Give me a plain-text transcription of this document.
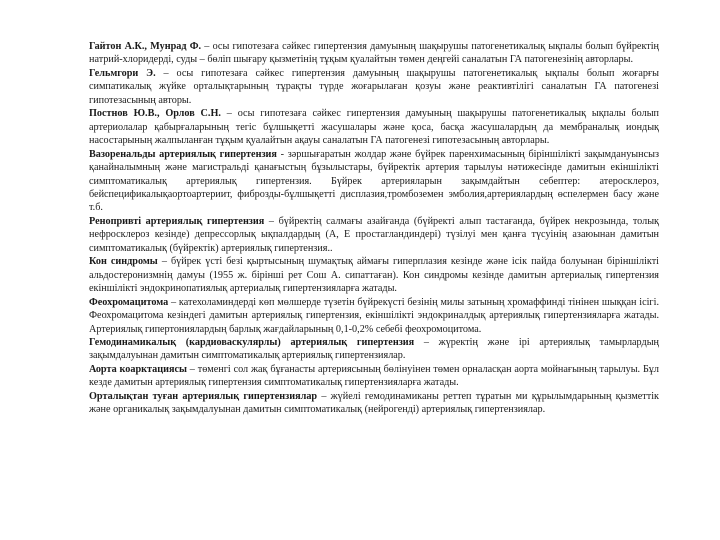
Гайтон А.К., Мунрад Ф. – осы гипотезаға сәйкес гипертензия дамуының шақырушы патогенетикалық ықпалы болып бүйректің натрий-хлоридерді, суды – бөліп шығару қызметінің тұқым қуалайтын төмен деңгейі саналатын ГА патогенезінің авторлары.

Гельмгори Э. – осы гипотезаға сәйкес гипертензия дамуының шақырушы патогенетикалық ықпалы болып жоғарғы симпатикалық жүйке орталықтарының тұрақты түрде жоғарылаған қозуы және реактивтілігі саналатын ГА патогенезі гипотезасының авторы.

Постнов Ю.В., Орлов С.Н. – осы гипотезаға сәйкес гипертензия дамуының шақырушы патогенетикалық ықпалы болып артериолалар қабырғаларының тегіс бұлшықетті жасушалары және қоса, басқа жасушалардың да мембраналық иондық насостарының жалпыланған тұқым қуалайтын ақауы саналатын ГА патогенезі гипотезасының авторлары.

Вазоренальды артериялық гипертензия - зәршығаратын жолдар және бүйрек паренхимасының біріншілікті зақымдануынсыз қанайналымның және магистральді қанағыстың бұзылыстары, бүйректік артерия тарылуы нәтижесінде дамитын екіншілікті симптоматикалық артериялық гипертензия. Бүйрек артерияларын зақымдайтын себептер: атеросклероз, бейспецификалықаортоартериит, фиброзды-бұлшықетті дисплазия,тромбоземен эмболия,артериялардың өспелермен басу және т.б.

Ренопривті артериялық гипертензия – бүйректің салмағы азайғанда (бүйректі алып тастағанда, бүйрек некрозында, толық нефросклероз кезінде) депрессорлық ықпалдардың (А, Е простагландиндері) түзілуі мен қанға түсуінің азаюынан дамитын симптоматикалық (бүйректік) артериялық гипертензия..

Кон синдромы – бүйрек үсті безі қыртысының шумақтық аймағы гиперплазия кезінде және ісік пайда болуынан біріншілікті альдостеронизмнің дамуы (1955 ж. бірінші рет Сош А. сипаттаған). Кон синдромы кезінде дамитын артериалық гипертензия екіншілікті эндокринопатиялық артериалық гипертензияларға жатады.

Феохромацитома – катехоламиндерді көп мөлшерде түзетін бүйрекүсті безінің милы затының хромаффинді тінінен шыққан ісігі. Феохромацитома кезіндегі дамитын артериялық гипертензия, екіншілікті эндокриналдық артериялық гипертензияларға жатады. Артериялық гипертониялардың барлық жағдайларының 0,1-0,2% себебі феохромоцитома.

Гемодинамикалық (кардиоваскулярлы) артериялық гипертензия – жүректің және ірі артериялық тамырлардың зақымдалуынан дамитын симптоматикалық артериялық гипертензиялар.

Аорта коарктациясы – төменгі сол жақ бұғанасты артериясының бөлінуінен төмен орналасқан аорта мойнағының тарылуы. Бұл кезде дамитын артериялық гипертензия симптоматикалық гипертензияларға жатады.

Орталықтан туған артериялық гипертензиялар – жүйелі гемодинамиканы реттеп тұратын ми құрылымдарының қызметтік және органикалық зақымдалуынан дамитын симптоматикалық (нейрогенді) артериялық гипертензиялар.
